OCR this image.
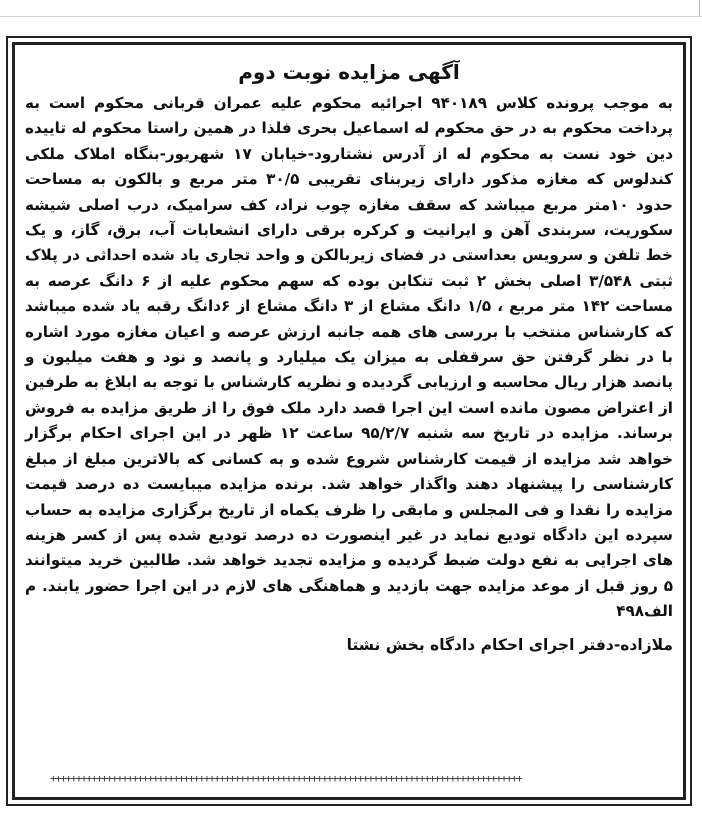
آگهی مزایده نوبت دوم

به موجب پرونده کلاس ۹۴۰۱۸۹ اجرائیه محکوم علیه عمران قربانی محکوم است به پرداخت محکوم به در حق محکوم له اسماعیل بحری فلذا در همین راستا محکوم له تاییده دین خود نست به محکوم له از آدرس نشتارود-خیابان ۱۷ شهریور-بنگاه املاک ملکی کندلوس که مغازه مذکور دارای زیربنای تقریبی ۳۰/۵ متر مربع و بالکون به مساحت حدود ۱۰متر مربع میباشد که سقف مغازه چوب نراد، کف سرامیک، درب اصلی شیشه سکوریت، سربندی آهن و ایرانیت و کرکره برقی دارای انشعابات آب، برق، گاز، و یک خط تلفن و سرویس بعداستی در فضای زیربالکن و واحد تجاری یاد شده احداثی در پلاک ثبتی ۳/۵۴۸ اصلی بخش ۲ ثبت تنکابن بوده که سهم محکوم علیه از ۶ دانگ عرصه به مساحت ۱۴۲ متر مربع ، ۱/۵ دانگ مشاع از ۳ دانگ مشاع از ۶دانگ رقبه یاد شده میباشد که کارشناس منتخب با بررسی های همه جانبه ارزش عرصه و اعیان مغازه مورد اشاره با در نظر گرفتن حق سرقفلی به میزان یک میلیارد و پانصد و نود و هفت میلیون و پانصد هزار ریال محاسبه و ارزیابی گردیده و نظریه کارشناس با توجه به ابلاغ به طرفین از اعتراض مصون مانده است این اجرا قصد دارد ملک فوق را از طریق مزایده به فروش برساند. مزایده در تاریخ سه شنبه ۹۵/۲/۷ ساعت ۱۲ ظهر در این اجرای احکام برگزار خواهد شد مزایده از قیمت کارشناس شروع شده و به کسانی که بالاترین مبلغ از مبلغ کارشناسی را پیشنهاد دهند واگذار خواهد شد. برنده مزایده میبایست ده درصد قیمت مزایده را نقدا و فی المجلس و مابقی را ظرف یکماه از تاریخ برگزاری مزایده به حساب سپرده این دادگاه تودیع نماید در غیر اینصورت ده درصد تودیع شده پس از کسر هزینه های اجرایی به نفع دولت ضبط گردیده و مزایده تجدید خواهد شد. طالبین خرید میتوانند ۵ روز قبل از موعد مزایده جهت بازدید و هماهنگی های لازم در این اجرا حضور یابند. م الف۴۹۸

ملازاده-دفتر اجرای احکام دادگاه بخش نشتا
++++++++++++++++++++++++++++++++++++++++++++++++++++++++++++++++++++++++++++++++++++++++++++
